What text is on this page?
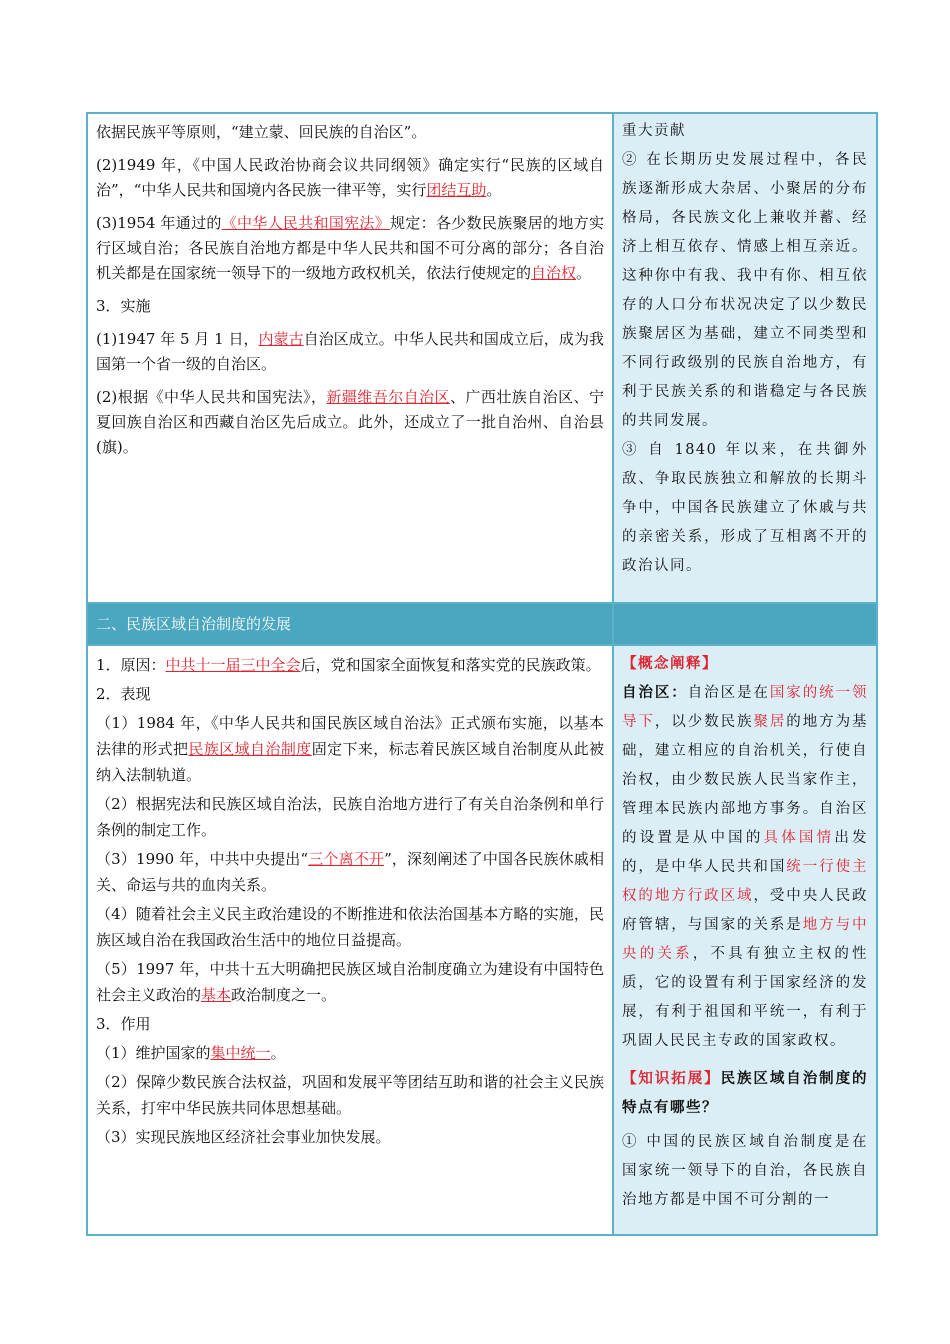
依据民族平等原则，“建立蒙、回民族的自治区”。

(2)1949 年，《中国人民政治协商会议共同纲领》确定实行“民族的区域自治”，“中华人民共和国境内各民族一律平等，实行团结互助。

(3)1954 年通过的《中华人民共和国宪法》规定：各少数民族聚居的地方实行区域自治；各民族自治地方都是中华人民共和国不可分离的部分；各自治机关都是在国家统一领导下的一级地方政权机关，依法行使规定的自治权。

3．实施

(1)1947 年 5 月 1 日，内蒙古自治区成立。中华人民共和国成立后，成为我国第一个省一级的自治区。

(2)根据《中华人民共和国宪法》，新疆维吾尔自治区、广西壮族自治区、宁夏回族自治区和西藏自治区先后成立。此外，还成立了一批自治州、自治县(旗)。

重大贡献

② 在长期历史发展过程中，各民族逐渐形成大杂居、小聚居的分布格局，各民族文化上兼收并蓄、经济上相互依存、情感上相互亲近。这种你中有我、我中有你、相互依存的人口分布状况决定了以少数民族聚居区为基础，建立不同类型和不同行政级别的民族自治地方，有利于民族关系的和谐稳定与各民族的共同发展。

③ 自 1840 年以来，在共御外敌、争取民族独立和解放的长期斗争中，中国各民族建立了休戚与共的亲密关系，形成了互相离不开的政治认同。

二、民族区域自治制度的发展

1．原因：中共十一届三中全会后，党和国家全面恢复和落实党的民族政策。

2．表现

（1）1984 年，《中华人民共和国民族区域自治法》正式颁布实施，以基本法律的形式把民族区域自治制度固定下来，标志着民族区域自治制度从此被纳入法制轨道。

（2）根据宪法和民族区域自治法，民族自治地方进行了有关自治条例和单行条例的制定工作。

（3）1990 年，中共中央提出“三个离不开”，深刻阐述了中国各民族休戚相关、命运与共的血肉关系。

（4）随着社会主义民主政治建设的不断推进和依法治国基本方略的实施，民族区域自治在我国政治生活中的地位日益提高。

（5）1997 年，中共十五大明确把民族区域自治制度确立为建设有中国特色社会主义政治的基本政治制度之一。

3．作用

（1）维护国家的集中统一。

（2）保障少数民族合法权益，巩固和发展平等团结互助和谐的社会主义民族关系，打牢中华民族共同体思想基础。

（3）实现民族地区经济社会事业加快发展。

【概念阐释】

自治区：自治区是在国家的统一领导下，以少数民族聚居的地方为基础，建立相应的自治机关，行使自治权，由少数民族人民当家作主，管理本民族内部地方事务。自治区的设置是从中国的具体国情出发的，是中华人民共和国统一行使主权的地方行政区域，受中央人民政府管辖，与国家的关系是地方与中央的关系，不具有独立主权的性质，它的设置有利于国家经济的发展，有利于祖国和平统一，有利于巩固人民民主专政的国家政权。

【知识拓展】民族区域自治制度的特点有哪些？

① 中国的民族区域自治制度是在国家统一领导下的自治，各民族自治地方都是中国不可分割的一
